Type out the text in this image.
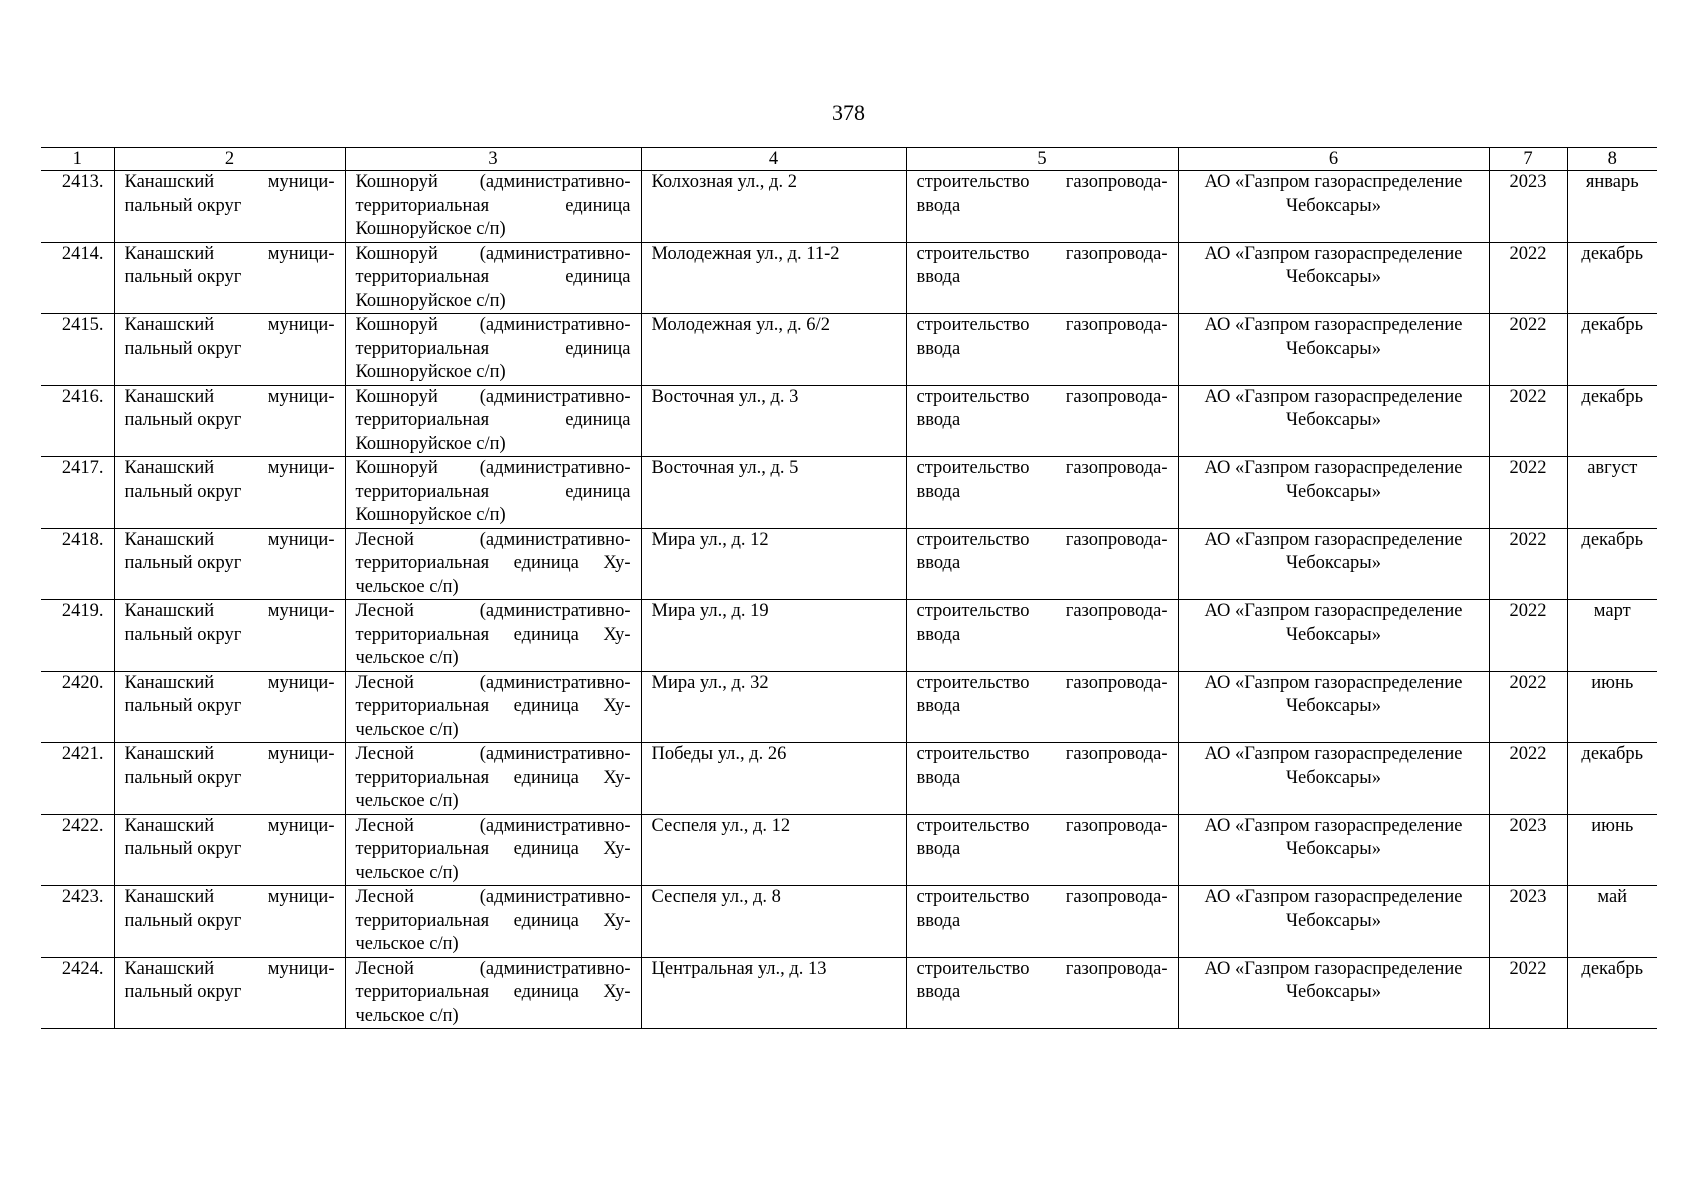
378
1	2	3	4	5	6	7	8
2413.	Канашский муниципальный округ	Кошноруй (административно-территориальная единица Кошноруйское с/п)	Колхозная ул., д. 2	строительство газопровода-ввода	АО «Газпром газораспределение Чебоксары»	2023	январь
2414.	Канашский муниципальный округ	Кошноруй (административно-территориальная единица Кошноруйское с/п)	Молодежная ул., д. 11-2	строительство газопровода-ввода	АО «Газпром газораспределение Чебоксары»	2022	декабрь
2415.	Канашский муниципальный округ	Кошноруй (административно-территориальная единица Кошноруйское с/п)	Молодежная ул., д. 6/2	строительство газопровода-ввода	АО «Газпром газораспределение Чебоксары»	2022	декабрь
2416.	Канашский муниципальный округ	Кошноруй (административно-территориальная единица Кошноруйское с/п)	Восточная ул., д. 3	строительство газопровода-ввода	АО «Газпром газораспределение Чебоксары»	2022	декабрь
2417.	Канашский муниципальный округ	Кошноруй (административно-территориальная единица Кошноруйское с/п)	Восточная ул., д. 5	строительство газопровода-ввода	АО «Газпром газораспределение Чебоксары»	2022	август
2418.	Канашский муниципальный округ	Лесной (административно-территориальная единица Хучельское с/п)	Мира ул., д. 12	строительство газопровода-ввода	АО «Газпром газораспределение Чебоксары»	2022	декабрь
2419.	Канашский муниципальный округ	Лесной (административно-территориальная единица Хучельское с/п)	Мира ул., д. 19	строительство газопровода-ввода	АО «Газпром газораспределение Чебоксары»	2022	март
2420.	Канашский муниципальный округ	Лесной (административно-территориальная единица Хучельское с/п)	Мира ул., д. 32	строительство газопровода-ввода	АО «Газпром газораспределение Чебоксары»	2022	июнь
2421.	Канашский муниципальный округ	Лесной (административно-территориальная единица Хучельское с/п)	Победы ул., д. 26	строительство газопровода-ввода	АО «Газпром газораспределение Чебоксары»	2022	декабрь
2422.	Канашский муниципальный округ	Лесной (административно-территориальная единица Хучельское с/п)	Сеспеля ул., д. 12	строительство газопровода-ввода	АО «Газпром газораспределение Чебоксары»	2023	июнь
2423.	Канашский муниципальный округ	Лесной (административно-территориальная единица Хучельское с/п)	Сеспеля ул., д. 8	строительство газопровода-ввода	АО «Газпром газораспределение Чебоксары»	2023	май
2424.	Канашский муниципальный округ	Лесной (административно-территориальная единица Хучельское с/п)	Центральная ул., д. 13	строительство газопровода-ввода	АО «Газпром газораспределение Чебоксары»	2022	декабрь
